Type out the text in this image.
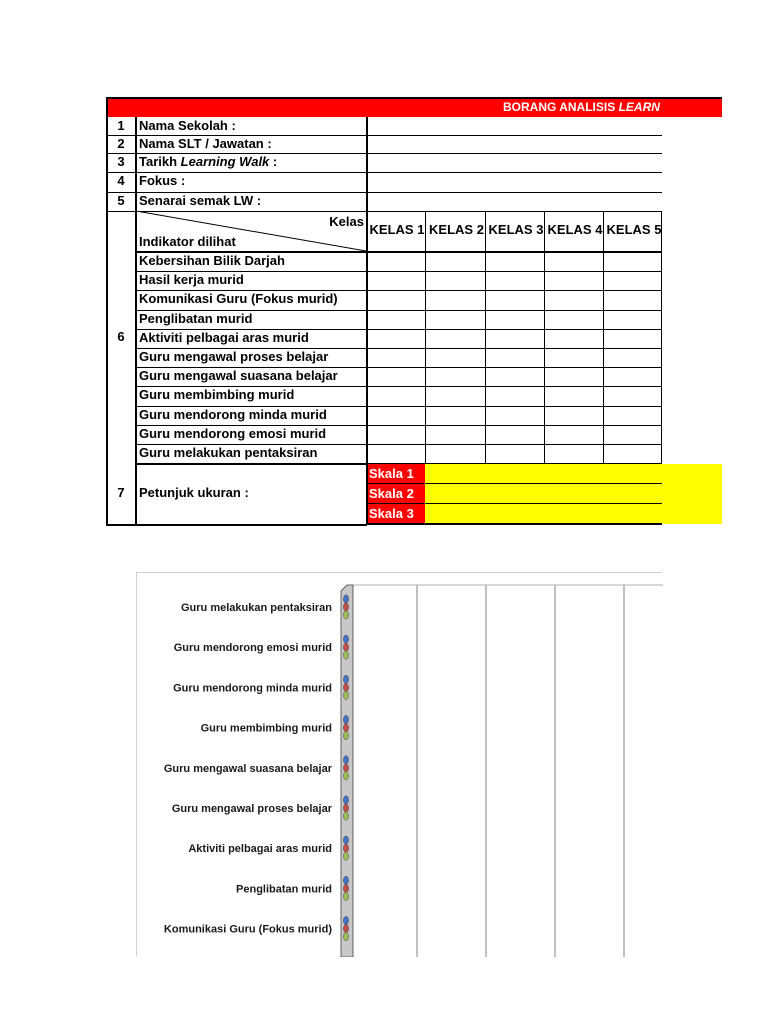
BORANG ANALISIS LEARN
1	Nama Sekolah :
2	Nama SLT / Jawatan :
3	Tarikh Learning Walk :
4	Fokus :
5	Senarai semak LW :
Kelas
Indikator dilihat
KELAS 1 KELAS 2 KELAS 3 KELAS 4 KELAS 5
Kebersihan Bilik Darjah
Hasil kerja murid
Komunikasi Guru (Fokus murid)
Penglibatan murid
Aktiviti pelbagai aras murid
Guru mengawal proses belajar
Guru mengawal suasana belajar
Guru membimbing murid
Guru mendorong minda murid
Guru mendorong emosi murid
Guru melakukan pentaksiran
6
7	Petunjuk ukuran :
Skala 1
Skala 2
Skala 3
Guru melakukan pentaksiran
Guru mendorong emosi murid
Guru mendorong minda murid
Guru membimbing murid
Guru mengawal suasana belajar
Guru mengawal proses belajar
Aktiviti pelbagai aras murid
Penglibatan murid
Komunikasi Guru (Fokus murid)
